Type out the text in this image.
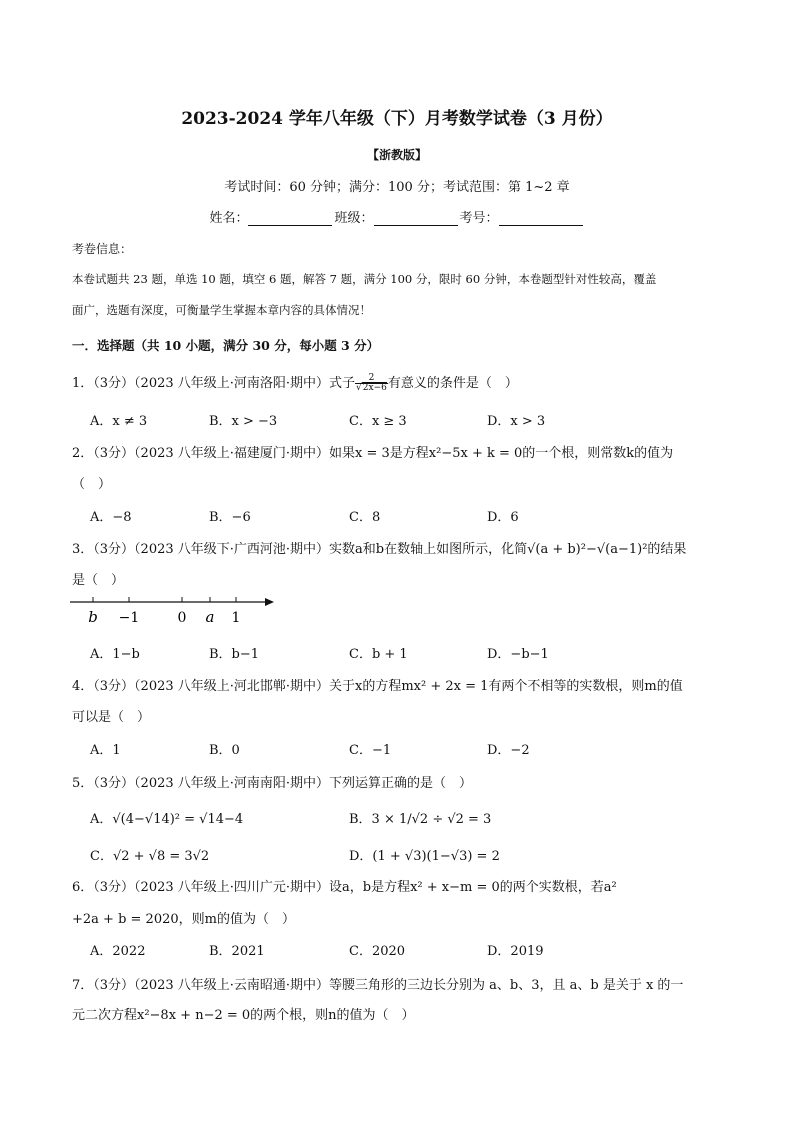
2023-2024 学年八年级（下）月考数学试卷（3 月份）
【浙教版】
考试时间：60 分钟；满分：100 分；考试范围：第 1~2 章
姓名：	班级：	考号：
考卷信息：
本卷试题共 23 题，单选 10 题，填空 6 题，解答 7 题，满分 100 分，限时 60 分钟，本卷题型针对性较高，覆盖
面广，选题有深度，可衡量学生掌握本章内容的具体情况！
一．选择题（共 10 小题，满分 30 分，每小题 3 分）
1．（3分）（2023 八年级上·河南洛阳·期中）式子 $\frac{2}{√2x-6}$ 有意义的条件是（　）
A．x ≠ 3	B．x > −3	C．x ≥ 3	D．x > 3
2．（3分）（2023 八年级上·福建厦门·期中）如果x = 3是方程x²−5x + k = 0的一个根，则常数k的值为
（　）
A．−8	B．−6	C．8	D．6
3．（3分）（2023 八年级下·广西河池·期中）实数a和b在数轴上如图所示，化简√(a + b)²−√(a−1)²的结果
是（　）
b −1	0 a 1
A．1−b	B．b−1	C．b + 1	D．−b−1
4．（3分）（2023 八年级上·河北邯郸·期中）关于x的方程mx² + 2x = 1有两个不相等的实数根，则m的值
可以是（　）
A．1	B．0	C．−1	D．−2
5．（3分）（2023 八年级上·河南南阳·期中）下列运算正确的是（　）
A．√(4−√14)² = √14−4	B．3 × 1/√2 ÷ √2 = 3
C．√2 + √8 = 3√2	D．(1 + √3)(1−√3) = 2
6．（3分）（2023 八年级上·四川广元·期中）设a，b是方程x² + x−m = 0的两个实数根，若a²
+2a + b = 2020，则m的值为（　）
A．2022	B．2021	C．2020	D．2019
7．（3分）（2023 八年级上·云南昭通·期中）等腰三角形的三边长分别为 a、b、3，且 a、b 是关于 x 的一
元二次方程x²−8x + n−2 = 0的两个根，则n的值为（　）
